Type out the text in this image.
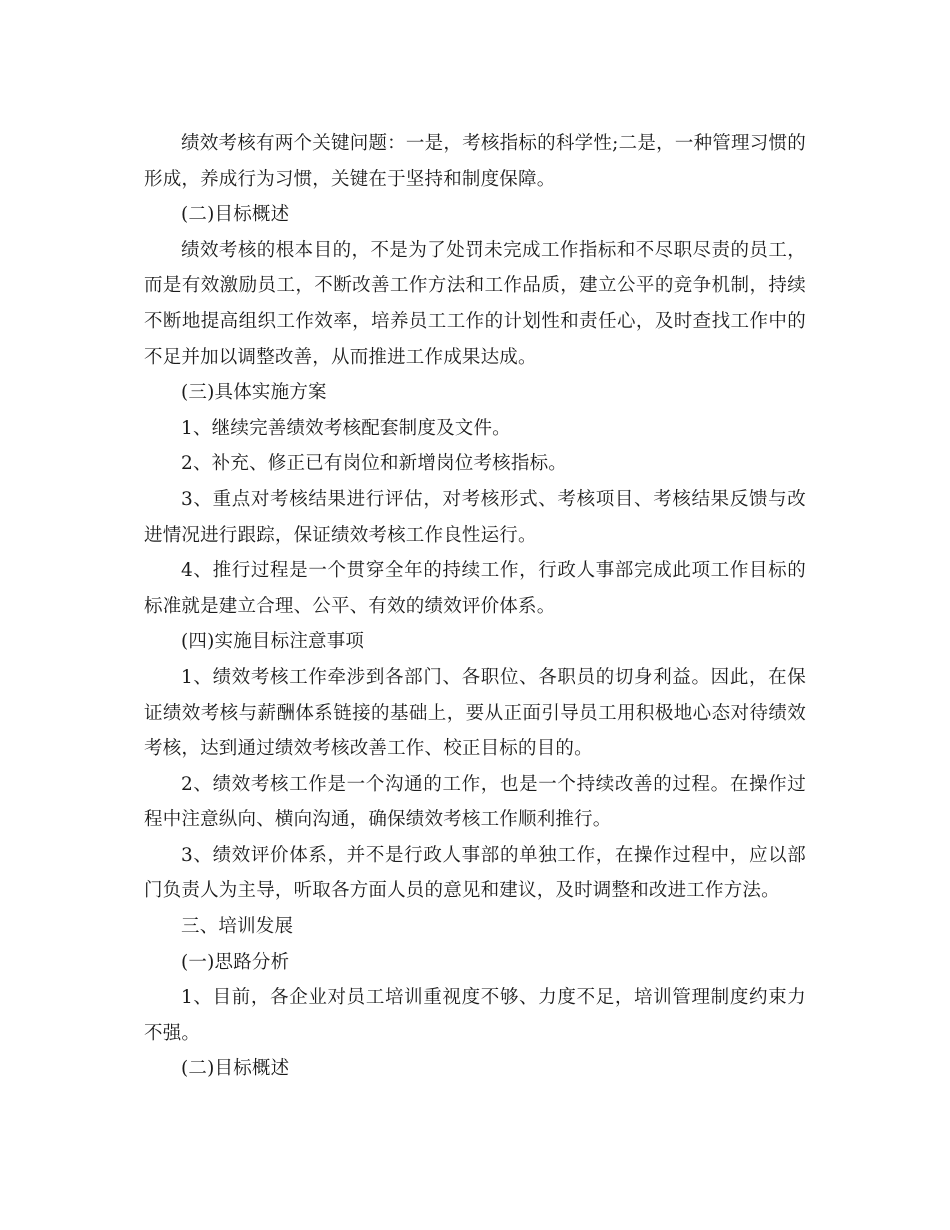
绩效考核有两个关键问题：一是，考核指标的科学性;二是，一种管理习惯的形成，养成行为习惯，关键在于坚持和制度保障。

(二)目标概述

绩效考核的根本目的，不是为了处罚未完成工作指标和不尽职尽责的员工，而是有效激励员工，不断改善工作方法和工作品质，建立公平的竞争机制，持续不断地提高组织工作效率，培养员工工作的计划性和责任心，及时查找工作中的不足并加以调整改善，从而推进工作成果达成。

(三)具体实施方案

1、继续完善绩效考核配套制度及文件。

2、补充、修正已有岗位和新增岗位考核指标。

3、重点对考核结果进行评估，对考核形式、考核项目、考核结果反馈与改进情况进行跟踪，保证绩效考核工作良性运行。

4、推行过程是一个贯穿全年的持续工作，行政人事部完成此项工作目标的标准就是建立合理、公平、有效的绩效评价体系。

(四)实施目标注意事项

1、绩效考核工作牵涉到各部门、各职位、各职员的切身利益。因此，在保证绩效考核与薪酬体系链接的基础上，要从正面引导员工用积极地心态对待绩效考核，达到通过绩效考核改善工作、校正目标的目的。

2、绩效考核工作是一个沟通的工作，也是一个持续改善的过程。在操作过程中注意纵向、横向沟通，确保绩效考核工作顺利推行。

3、绩效评价体系，并不是行政人事部的单独工作，在操作过程中，应以部门负责人为主导，听取各方面人员的意见和建议，及时调整和改进工作方法。

三、培训发展

(一)思路分析

1、目前，各企业对员工培训重视度不够、力度不足，培训管理制度约束力不强。

(二)目标概述
